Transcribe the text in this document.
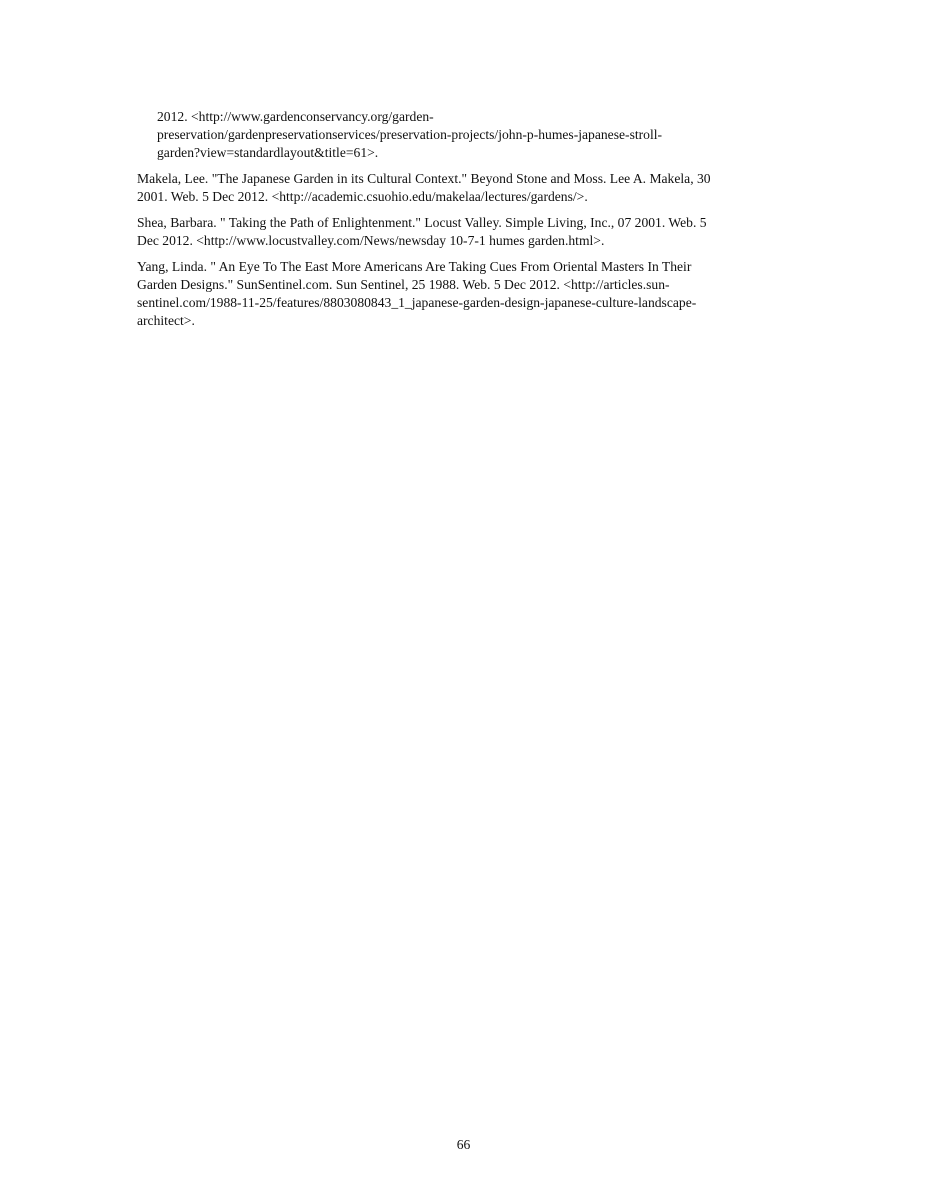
2012. <http://www.gardenconservancy.org/garden-
preservation/gardenpreservationservices/preservation-projects/john-p-humes-japanese-stroll-
garden?view=standardlayout&title=61>.
Makela, Lee. "The Japanese Garden in its Cultural Context." Beyond Stone and Moss. Lee A. Makela, 30
2001. Web. 5 Dec 2012. <http://academic.csuohio.edu/makelaa/lectures/gardens/>.
Shea, Barbara. " Taking the Path of Enlightenment." Locust Valley. Simple Living, Inc., 07 2001. Web. 5
Dec 2012. <http://www.locustvalley.com/News/newsday 10-7-1 humes garden.html>.
Yang, Linda. " An Eye To The East More Americans Are Taking Cues From Oriental Masters In Their
Garden Designs." SunSentinel.com. Sun Sentinel, 25 1988. Web. 5 Dec 2012. <http://articles.sun-
sentinel.com/1988-11-25/features/8803080843_1_japanese-garden-design-japanese-culture-landscape-
architect>.
66
